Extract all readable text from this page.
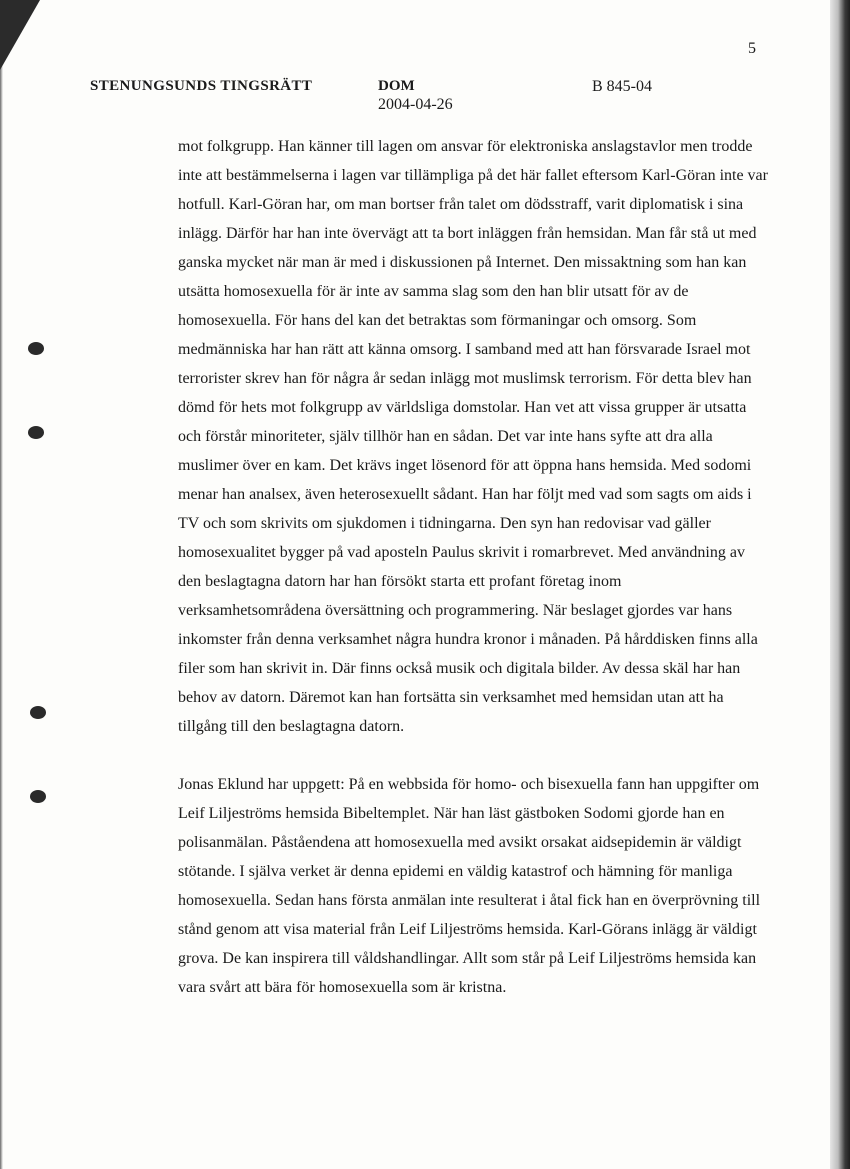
5
STENUNGSUNDS TINGSRÄTT	DOM
2004-04-26
B 845-04

mot folkgrupp. Han känner till lagen om ansvar för elektroniska anslagstavlor men trodde inte att bestämmelserna i lagen var tillämpliga på det här fallet eftersom Karl-Göran inte var hotfull. Karl-Göran har, om man bortser från talet om dödsstraff, varit diplomatisk i sina inlägg. Därför har han inte övervägt att ta bort inläggen från hemsidan. Man får stå ut med ganska mycket när man är med i diskussionen på Internet. Den missaktning som han kan utsätta homosexuella för är inte av samma slag som den han blir utsatt för av de homosexuella. För hans del kan det betraktas som förmaningar och omsorg. Som medmänniska har han rätt att känna omsorg. I samband med att han försvarade Israel mot terrorister skrev han för några år sedan inlägg mot muslimsk terrorism. För detta blev han dömd för hets mot folkgrupp av världsliga domstolar. Han vet att vissa grupper är utsatta och förstår minoriteter, själv tillhör han en sådan. Det var inte hans syfte att dra alla muslimer över en kam. Det krävs inget lösenord för att öppna hans hemsida. Med sodomi menar han analsex, även heterosexuellt sådant. Han har följt med vad som sagts om aids i TV och som skrivits om sjukdomen i tidningarna. Den syn han redovisar vad gäller homosexualitet bygger på vad aposteln Paulus skrivit i romarbrevet. Med användning av den beslagtagna datorn har han försökt starta ett profant företag inom verksamhetsområdena översättning och programmering. När beslaget gjordes var hans inkomster från denna verksamhet några hundra kronor i månaden. På hårddisken finns alla filer som han skrivit in. Där finns också musik och digitala bilder. Av dessa skäl har han behov av datorn. Däremot kan han fortsätta sin verksamhet med hemsidan utan att ha tillgång till den beslagtagna datorn.

Jonas Eklund har uppgett: På en webbsida för homo- och bisexuella fann han uppgifter om Leif Liljeströms hemsida Bibeltemplet. När han läst gästboken Sodomi gjorde han en polisanmälan. Påståendena att homosexuella med avsikt orsakat aidsepidemin är väldigt stötande. I själva verket är denna epidemi en väldig katastrof och hämning för manliga homosexuella. Sedan hans första anmälan inte resulterat i åtal fick han en överprövning till stånd genom att visa material från Leif Liljeströms hemsida. Karl-Görans inlägg är väldigt grova. De kan inspirera till våldshandlingar. Allt som står på Leif Liljeströms hemsida kan vara svårt att bära för homosexuella som är kristna.
